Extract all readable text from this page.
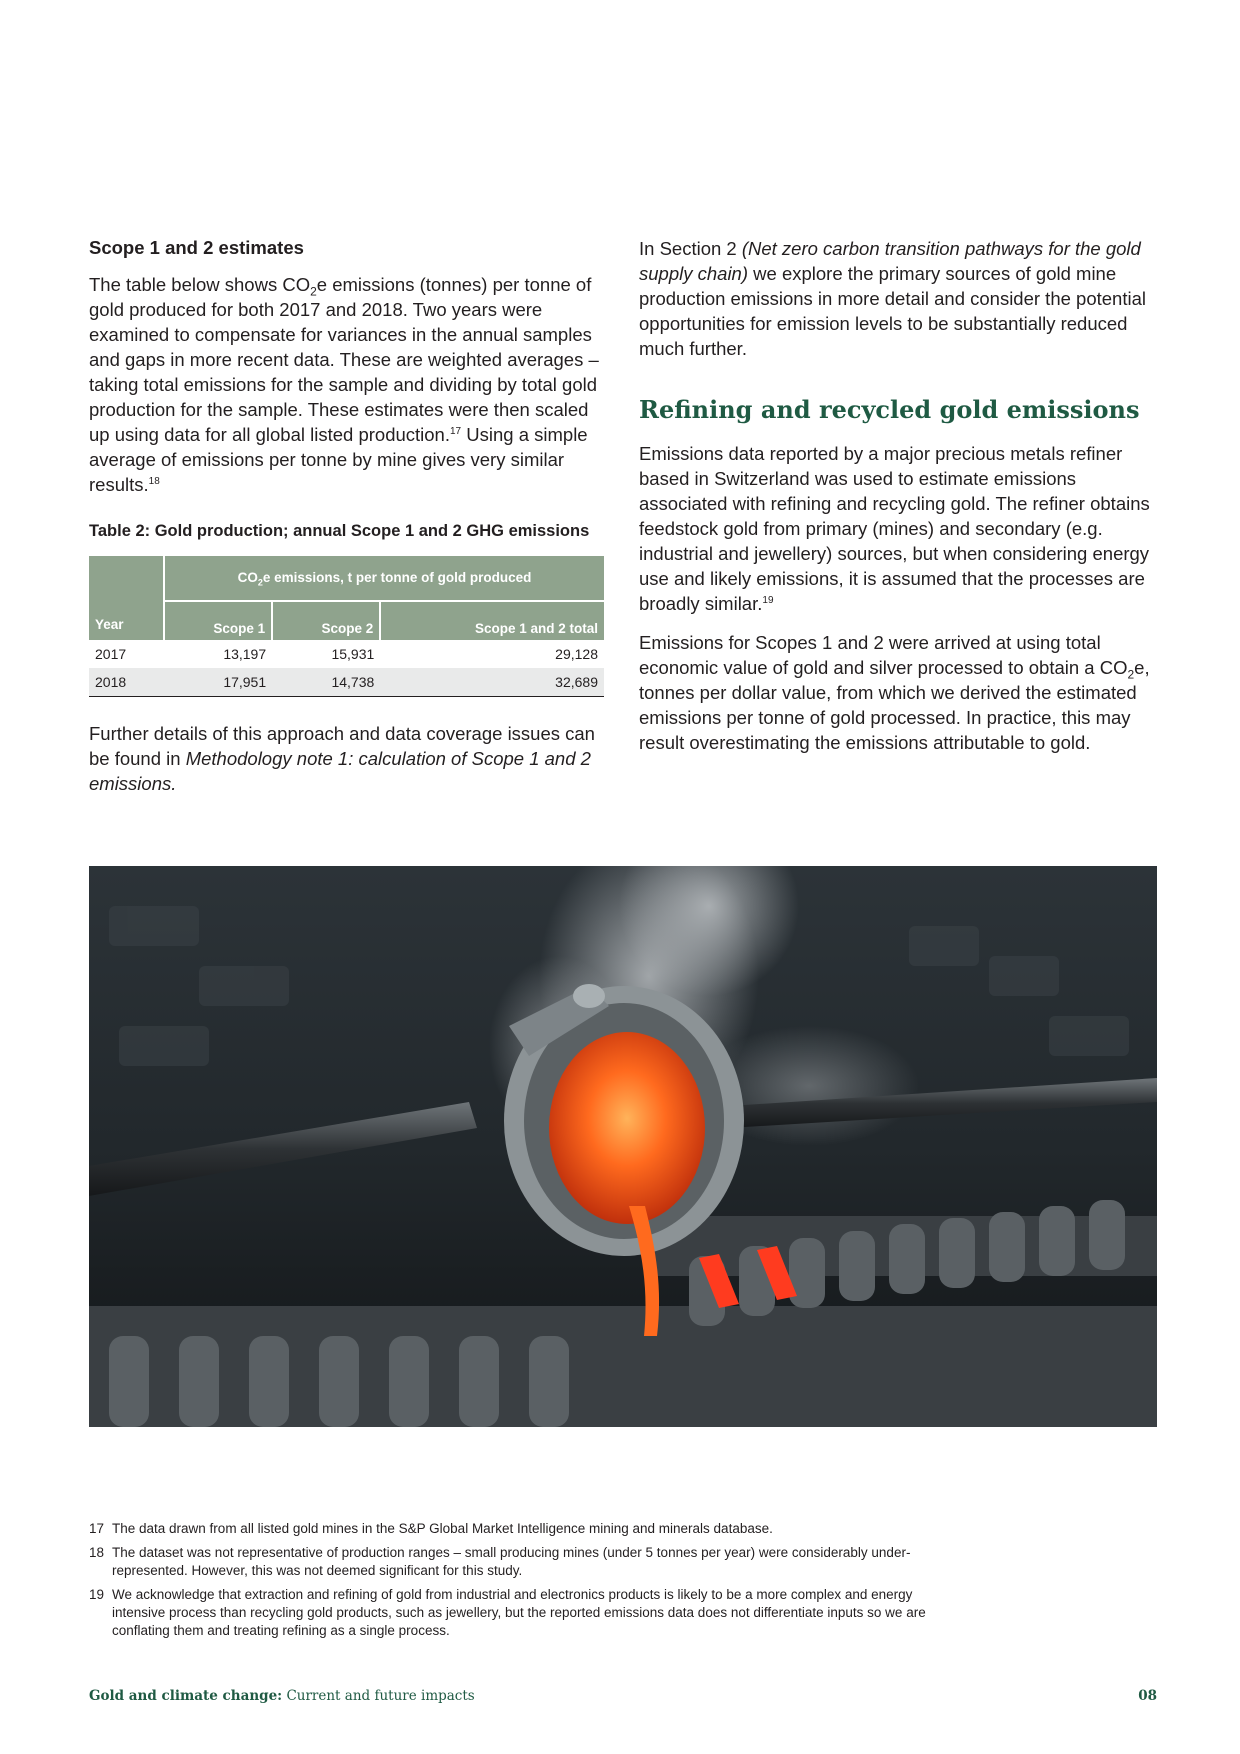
Scope 1 and 2 estimates

The table below shows $CO_2e$ emissions (tonnes) per tonne of gold produced for both 2017 and 2018. Two years were examined to compensate for variances in the annual samples and gaps in more recent data. These are weighted averages – taking total emissions for the sample and dividing by total gold production for the sample. These estimates were then scaled up using data for all global listed production.$^{17}$ Using a simple average of emissions per tonne by mine gives very similar results.$^{18}$

Table 2: Gold production; annual Scope 1 and 2 GHG emissions
Year	$CO_2e$ emissions, t per tonne of gold produced		
	Scope 1	Scope 2	Scope 1 and 2 total
2017	13,197	15,931	29,128
2018	17,951	14,738	32,689

Further details of this approach and data coverage issues can be found in Methodology note 1: calculation of Scope 1 and 2 emissions.

In Section 2 (Net zero carbon transition pathways for the gold supply chain) we explore the primary sources of gold mine production emissions in more detail and consider the potential opportunities for emission levels to be substantially reduced much further.

Refining and recycled gold emissions

Emissions data reported by a major precious metals refiner based in Switzerland was used to estimate emissions associated with refining and recycling gold. The refiner obtains feedstock gold from primary (mines) and secondary (e.g. industrial and jewellery) sources, but when considering energy use and likely emissions, it is assumed that the processes are broadly similar.$^{19}$

Emissions for Scopes 1 and 2 were arrived at using total economic value of gold and silver processed to obtain a $CO_2e$, tonnes per dollar value, from which we derived the estimated emissions per tonne of gold processed. In practice, this may result overestimating the emissions attributable to gold.

17 The data drawn from all listed gold mines in the S&P Global Market Intelligence mining and minerals database.
18 The dataset was not representative of production ranges – small producing mines (under 5 tonnes per year) were considerably under-represented. However, this was not deemed significant for this study.
19 We acknowledge that extraction and refining of gold from industrial and electronics products is likely to be a more complex and energy intensive process than recycling gold products, such as jewellery, but the reported emissions data does not differentiate inputs so we are conflating them and treating refining as a single process.
Gold and climate change: Current and future impacts	08
